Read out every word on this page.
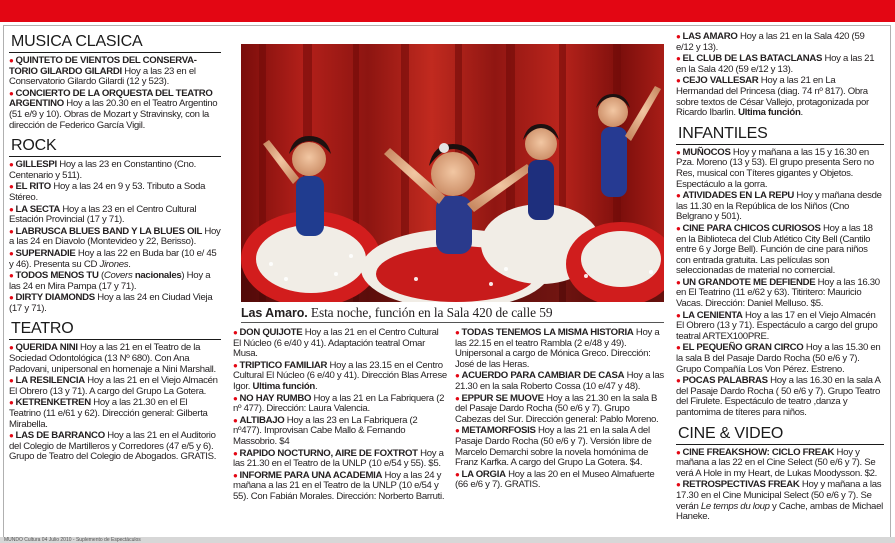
MUSICA CLASICA
● QUINTETO DE VIENTOS DEL CONSERVA-TORIO GILARDO GILARDI Hoy a las 23 en el Conservatorio Gilardo Gilardi (12 y 523).
● CONCIERTO DE LA ORQUESTA DEL TEATRO ARGENTINO Hoy a las 20.30 en el Teatro Argentino (51 e/9 y 10). Obras de Mozart y Stravinsky, con la dirección de Federico García Vigil.
ROCK
● GILLESPI Hoy a las 23 en Constantino (Cno. Centenario y 511).
● EL RITO Hoy a las 24 en 9 y 53. Tributo a Soda Stéreo.
● LA SECTA Hoy a las 23 en el Centro Cultural Estación Provincial (17 y 71).
● LABRUSCA BLUES BAND Y LA BLUES OIL Hoy a las 24 en Diavolo (Montevideo y 22, Berisso).
● SUPERNADIE Hoy a las 22 en Buda bar (10 e/ 45 y 46). Presenta su CD Jirones.
● TODOS MENOS TU (Covers nacionales) Hoy a las 24 en Mira Pampa (17 y 71).
● DIRTY DIAMONDS Hoy a las 24 en Ciudad Vieja (17 y 71).
TEATRO
● QUERIDA NINI Hoy a las 21 en el Teatro de la Sociedad Odontológica (13 Nº 680). Con Ana Padovani, unipersonal en homenaje a Nini Marshall.
● LA RESILENCIA Hoy a las 21 en el Viejo Almacén El Obrero (13 y 71). A cargo del Grupo La Gotera.
● KETRENKETREN Hoy a las 21.30 en el El Teatrino (11 e/61 y 62). Dirección general: Gilberta Mirabella.
● LAS DE BARRANCO Hoy a las 21 en el Auditorio del Colegio de Martilleros y Corredores (47 e/5 y 6). Grupo de Teatro del Colegio de Abogados. GRATIS.
Las Amaro. Esta noche, función en la Sala 420 de calle 59
● DON QUIJOTE Hoy a las 21 en el Centro Cultural El Núcleo (6 e/40 y 41). Adaptación teatral Omar Musa.
● TRIPTICO FAMILIAR Hoy a las 23.15 en el Centro Cultural El Núcleo (6 e/40 y 41). Dirección Blas Arrese Igor. Ultima función.
● NO HAY RUMBO Hoy a las 21 en La Fabriquera (2 nº 477). Dirección: Laura Valencia.
● ALTIBAJO Hoy a las 23 en La Fabriquera (2 nº477). Improvisan Cabe Mallo & Fernando Massobrio. $4
● RAPIDO NOCTURNO, AIRE DE FOXTROT Hoy a las 21.30 en el Teatro de la UNLP (10 e/54 y 55). $5.
● INFORME PARA UNA ACADEMIA Hoy a las 24 y mañana a las 21 en el Teatro de la UNLP (10 e/54 y 55). Con Fabián Morales. Dirección: Norberto Barruti.
● TODAS TENEMOS LA MISMA HISTORIA Hoy a las 22.15 en el teatro Rambla (2 e/48 y 49). Unipersonal a cargo de Mónica Greco. Dirección: José de las Heras.
● ACUERDO PARA CAMBIAR DE CASA Hoy a las 21.30 en la sala Roberto Cossa (10 e/47 y 48).
● EPPUR SE MUOVE Hoy a las 21.30 en la sala B del Pasaje Dardo Rocha (50 e/6 y 7). Grupo Cabezas del Sur. Dirección general: Pablo Moreno.
● METAMORFOSIS Hoy a las 21 en la sala A del Pasaje Dardo Rocha (50 e/6 y 7). Versión libre de Marcelo Demarchi sobre la novela homónima de Franz Karfka. A cargo del Grupo La Gotera. $4.
● LA ORGIA Hoy a las 20 en el Museo Almafuerte (66 e/6 y 7). GRATIS.
● LAS AMARO Hoy a las 21 en la Sala 420 (59 e/12 y 13).
● EL CLUB DE LAS BATACLANAS Hoy a las 21 en la Sala 420 (59 e/12 y 13).
● CEJO VALLESAR Hoy a las 21 en La Hermandad del Princesa (diag. 74 nº 817). Obra sobre textos de César Vallejo, protagonizada por Ricardo Ibarlin. Ultima función.
INFANTILES
● MUÑOCOS Hoy y mañana a las 15 y 16.30 en Pza. Moreno (13 y 53). El grupo presenta Sero no Res, musical con Títeres gigantes y Objetos. Espectáculo a la gorra.
● ATIVIDADES EN LA REPU Hoy y mañana desde las 11.30 en la República de los Niños (Cno Belgrano y 501).
● CINE PARA CHICOS CURIOSOS Hoy a las 18 en la Biblioteca del Club Atlético City Bell (Cantilo entre 6 y Jorge Bell). Función de cine para niños con entrada gratuita. Las películas son seleccionadas de material no comercial.
● UN GRANDOTE ME DEFIENDE Hoy a las 16.30 en El Teatrino (11 e/62 y 63). Titiritero: Mauricio Vacas. Dirección: Daniel Melluso. $5.
● LA CENIENTA Hoy a las 17 en el Viejo Almacén El Obrero (13 y 71). Espectáculo a cargo del grupo teatral ARTEX100PRE.
● EL PEQUEÑO GRAN CIRCO Hoy a las 15.30 en la sala B del Pasaje Dardo Rocha (50 e/6 y 7). Grupo Compañía Los Von Pérez. Estreno.
● POCAS PALABRAS Hoy a las 16.30 en la sala A del Pasaje Dardo Rocha ( 50 e/6 y 7). Grupo Teatro del Firulete. Espectáculo de teatro ,danza y pantomima de títeres para niños.
CINE & VIDEO
● CINE FREAKSHOW: CICLO FREAK Hoy y mañana a las 22 en el Cine Select (50 e/6 y 7). Se verá A Hole in my Heart, de Lukas Moodysson. $2.
● RETROSPECTIVAS FREAK Hoy y mañana a las 17.30 en el Cine Municipal Select (50 e/6 y 7). Se verán Le temps du loup y Cache, ambas de Michael Haneke.
MUNDO Cultura 04 Julio 2010 - Suplemento de Espectáculos
